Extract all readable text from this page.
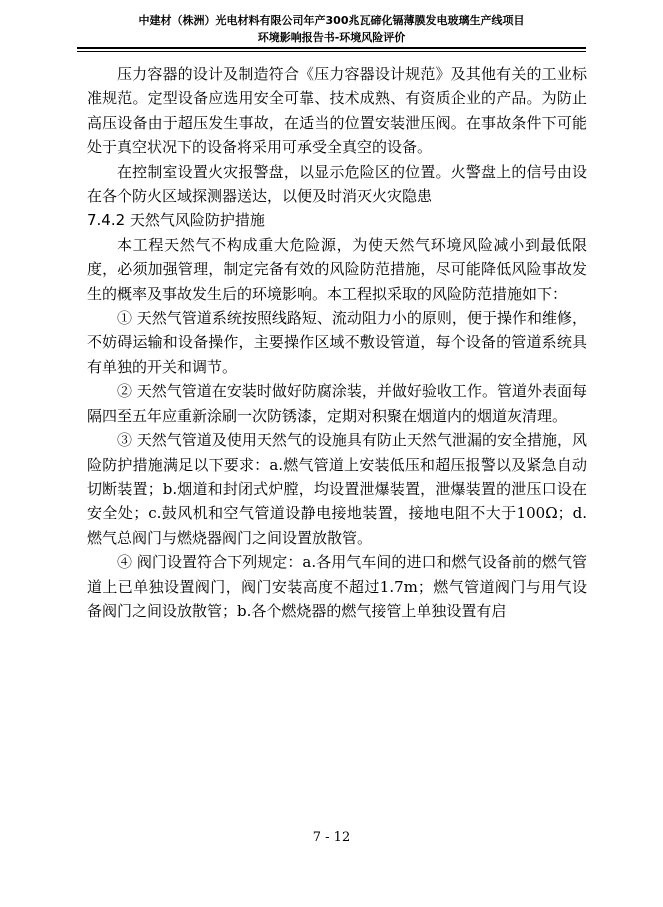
中建材（株洲）光电材料有限公司年产300兆瓦碲化镉薄膜发电玻璃生产线项目
环境影响报告书-环境风险评价

压力容器的设计及制造符合《压力容器设计规范》及其他有关的工业标准规范。定型设备应选用安全可靠、技术成熟、有资质企业的产品。为防止高压设备由于超压发生事故，在适当的位置安装泄压阀。在事故条件下可能处于真空状况下的设备将采用可承受全真空的设备。

在控制室设置火灾报警盘，以显示危险区的位置。火警盘上的信号由设在各个防火区域探测器送达，以便及时消灭火灾隐患

7.4.2 天然气风险防护措施

本工程天然气不构成重大危险源，为使天然气环境风险减小到最低限度，必须加强管理，制定完备有效的风险防范措施，尽可能降低风险事故发生的概率及事故发生后的环境影响。本工程拟采取的风险防范措施如下：

① 天然气管道系统按照线路短、流动阻力小的原则，便于操作和维修，不妨碍运输和设备操作，主要操作区域不敷设管道，每个设备的管道系统具有单独的开关和调节。

② 天然气管道在安装时做好防腐涂装，并做好验收工作。管道外表面每隔四至五年应重新涂刷一次防锈漆，定期对积聚在烟道内的烟道灰清理。

③ 天然气管道及使用天然气的设施具有防止天然气泄漏的安全措施，风险防护措施满足以下要求：a.燃气管道上安装低压和超压报警以及紧急自动切断装置；b.烟道和封闭式炉膛，均设置泄爆装置，泄爆装置的泄压口设在安全处；c.鼓风机和空气管道设静电接地装置，接地电阻不大于100Ω；d.燃气总阀门与燃烧器阀门之间设置放散管。

④ 阀门设置符合下列规定：a.各用气车间的进口和燃气设备前的燃气管道上已单独设置阀门，阀门安装高度不超过1.7m；燃气管道阀门与用气设备阀门之间设放散管；b.各个燃烧器的燃气接管上单独设置有启

7 - 12
